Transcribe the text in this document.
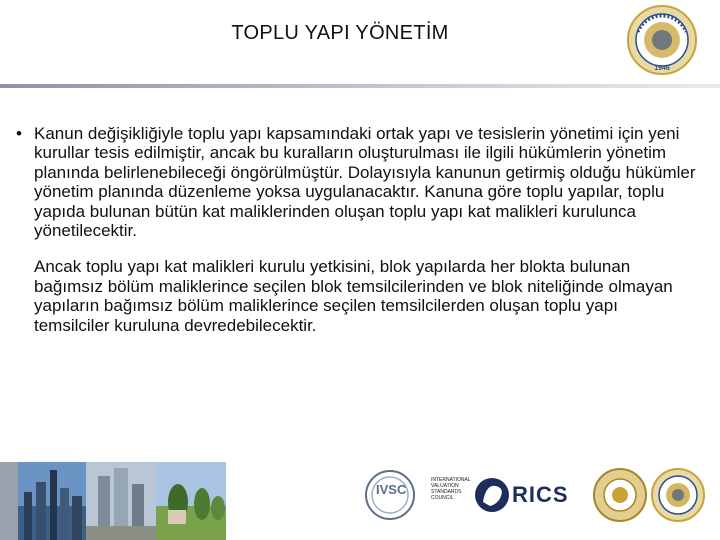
TOPLU YAPI YÖNETİM
1946
• Kanun değişikliğiyle toplu yapı kapsamındaki ortak yapı ve tesislerin yönetimi için yeni kurullar tesis edilmiştir, ancak bu kuralların oluşturulması ile ilgili hükümlerin yönetim planında belirlenebileceği öngörülmüştür. Dolayısıyla kanunun getirmiş olduğu hükümler yönetim planında düzenleme yoksa uygulanacaktır. Kanuna göre toplu yapılar, toplu yapıda bulunan bütün kat maliklerinden oluşan toplu yapı kat malikleri kurulunca yönetilecektir.

Ancak toplu yapı kat malikleri kurulu yetkisini, blok yapılarda her blokta bulunan bağımsız bölüm maliklerince seçilen blok temsilcilerinden ve blok niteliğinde olmayan yapıların bağımsız bölüm maliklerince seçilen temsilcilerden oluşan toplu yapı temsilciler kuruluna devredebilecektir.

IVSC
INTERNATIONAL
VALUATION
STANDARDS
COUNCIL	RICS
